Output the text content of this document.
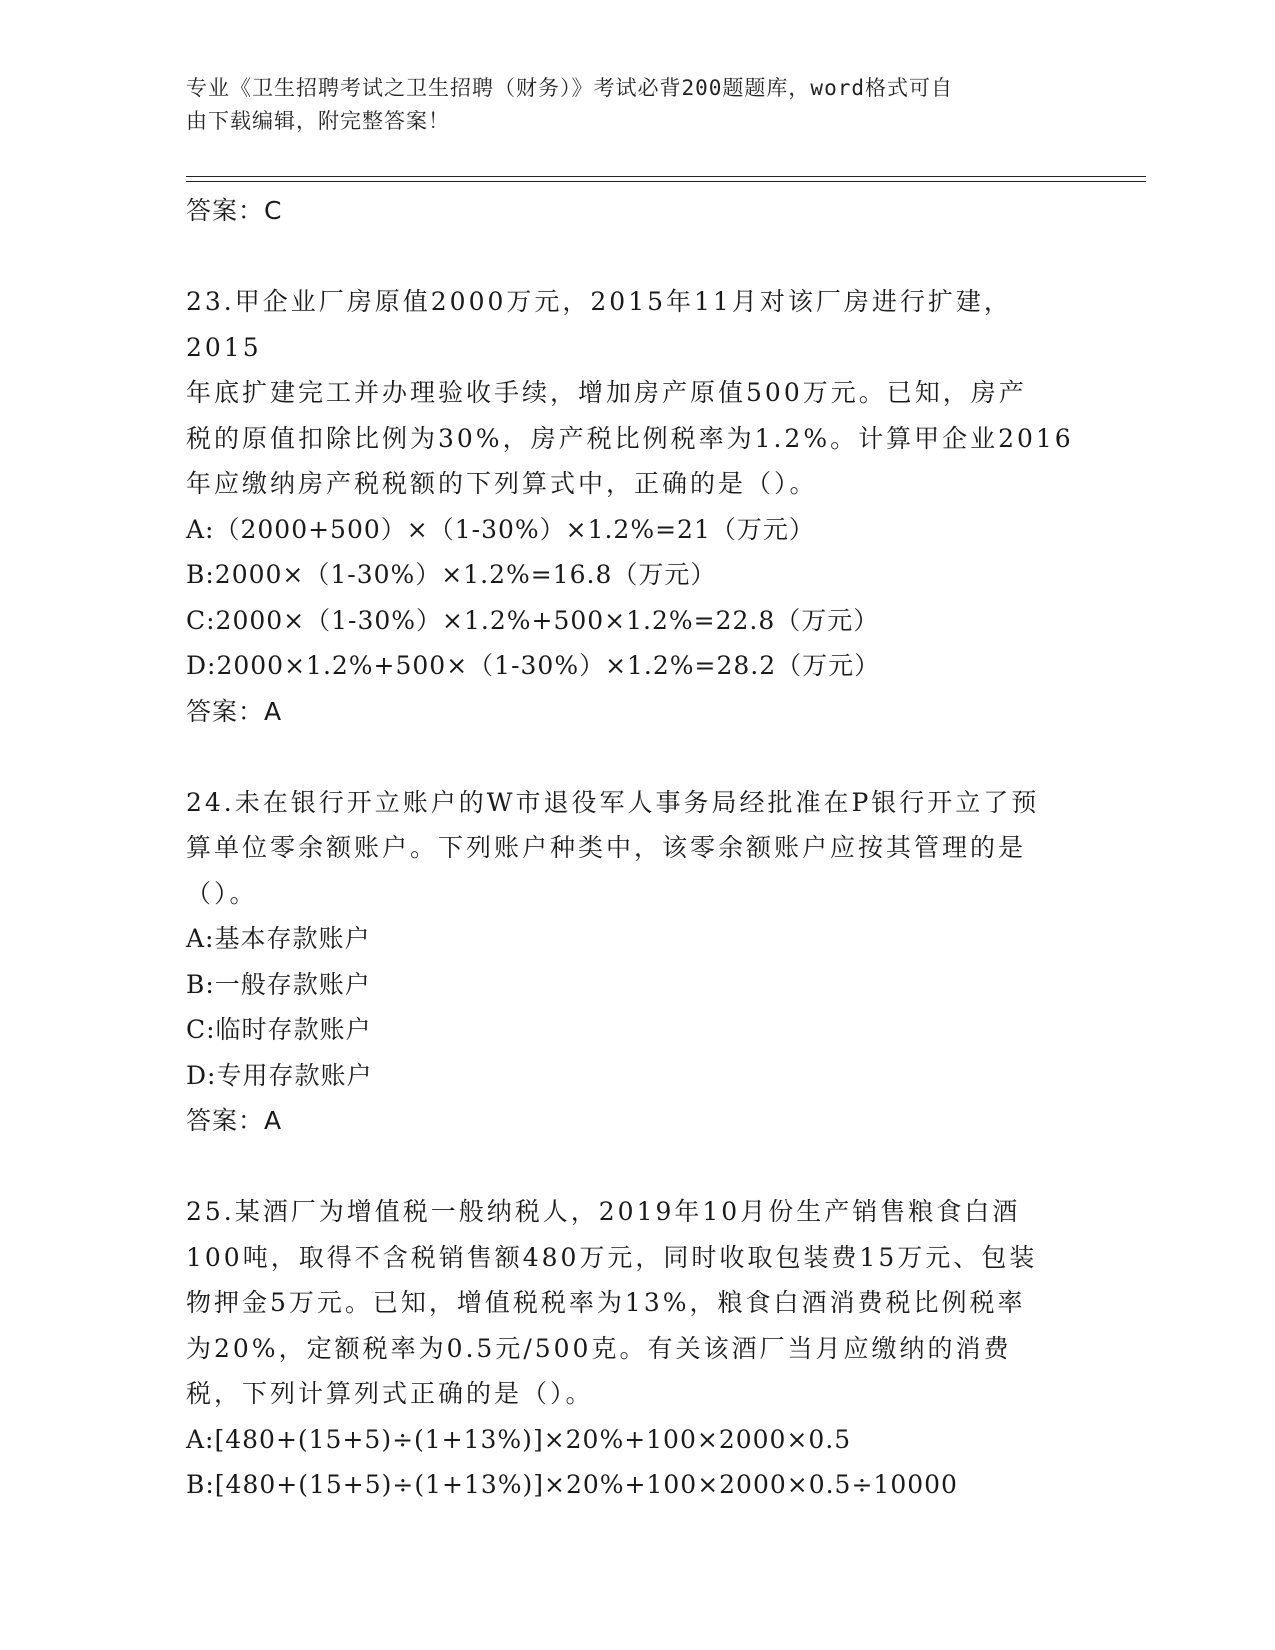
专业《卫生招聘考试之卫生招聘（财务）》考试必背200题题库，word格式可自
由下载编辑，附完整答案！
答案：C
23.甲企业厂房原值2000万元，2015年11月对该厂房进行扩建，2015
年底扩建完工并办理验收手续，增加房产原值500万元。已知，房产
税的原值扣除比例为30%，房产税比例税率为1.2%。计算甲企业2016
年应缴纳房产税税额的下列算式中，正确的是（）。
A:（2000+500）×（1-30%）×1.2%=21（万元）
B:2000×（1-30%）×1.2%=16.8（万元）
C:2000×（1-30%）×1.2%+500×1.2%=22.8（万元）
D:2000×1.2%+500×（1-30%）×1.2%=28.2（万元）
答案：A
24.未在银行开立账户的W市退役军人事务局经批准在P银行开立了预
算单位零余额账户。下列账户种类中，该零余额账户应按其管理的是
（）。
A:基本存款账户
B:一般存款账户
C:临时存款账户
D:专用存款账户
答案：A
25.某酒厂为增值税一般纳税人，2019年10月份生产销售粮食白酒
100吨，取得不含税销售额480万元，同时收取包装费15万元、包装
物押金5万元。已知，增值税税率为13%，粮食白酒消费税比例税率
为20%，定额税率为0.5元/500克。有关该酒厂当月应缴纳的消费
税，下列计算列式正确的是（）。
A:[480+(15+5)÷(1+13%)]×20%+100×2000×0.5
B:[480+(15+5)÷(1+13%)]×20%+100×2000×0.5÷10000
